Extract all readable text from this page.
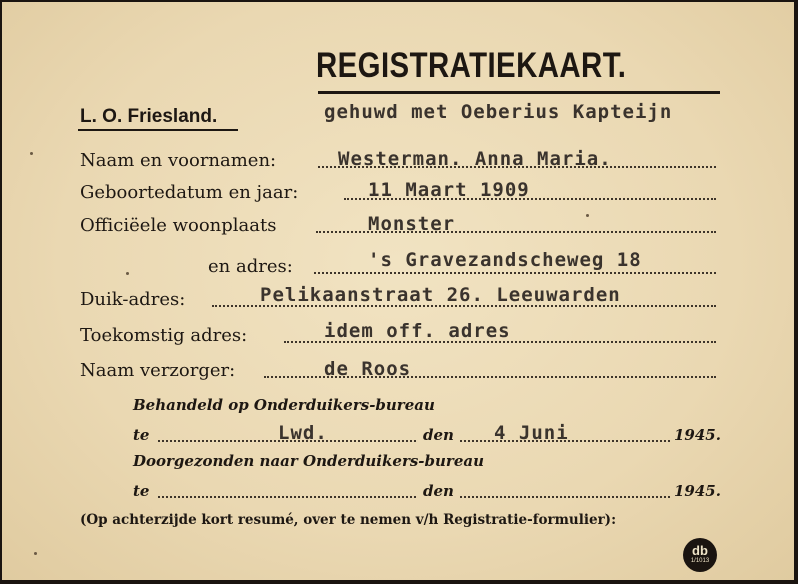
REGISTRATIEKAART.
L. O. Friesland.	gehuwd met Oeberius Kapteijn
Naam en voornamen:	Westerman. Anna Maria.
Geboortedatum en jaar:	11 Maart 1909
Officiëele woonplaats	Monster
en adres:	's Gravezandscheweg 18
Duik-adres:	Pelikaanstraat 26. Leeuwarden
Toekomstig adres:	idem off. adres
Naam verzorger:	de Roos
Behandeld op Onderduikers-bureau
te	Lwd.	den 4 Juni	1945.
Doorgezonden naar Onderduikers-bureau
te	den	1945.
(Op achterzijde kort resumé, over te nemen v/h Registratie-formulier):
db
1/1013
